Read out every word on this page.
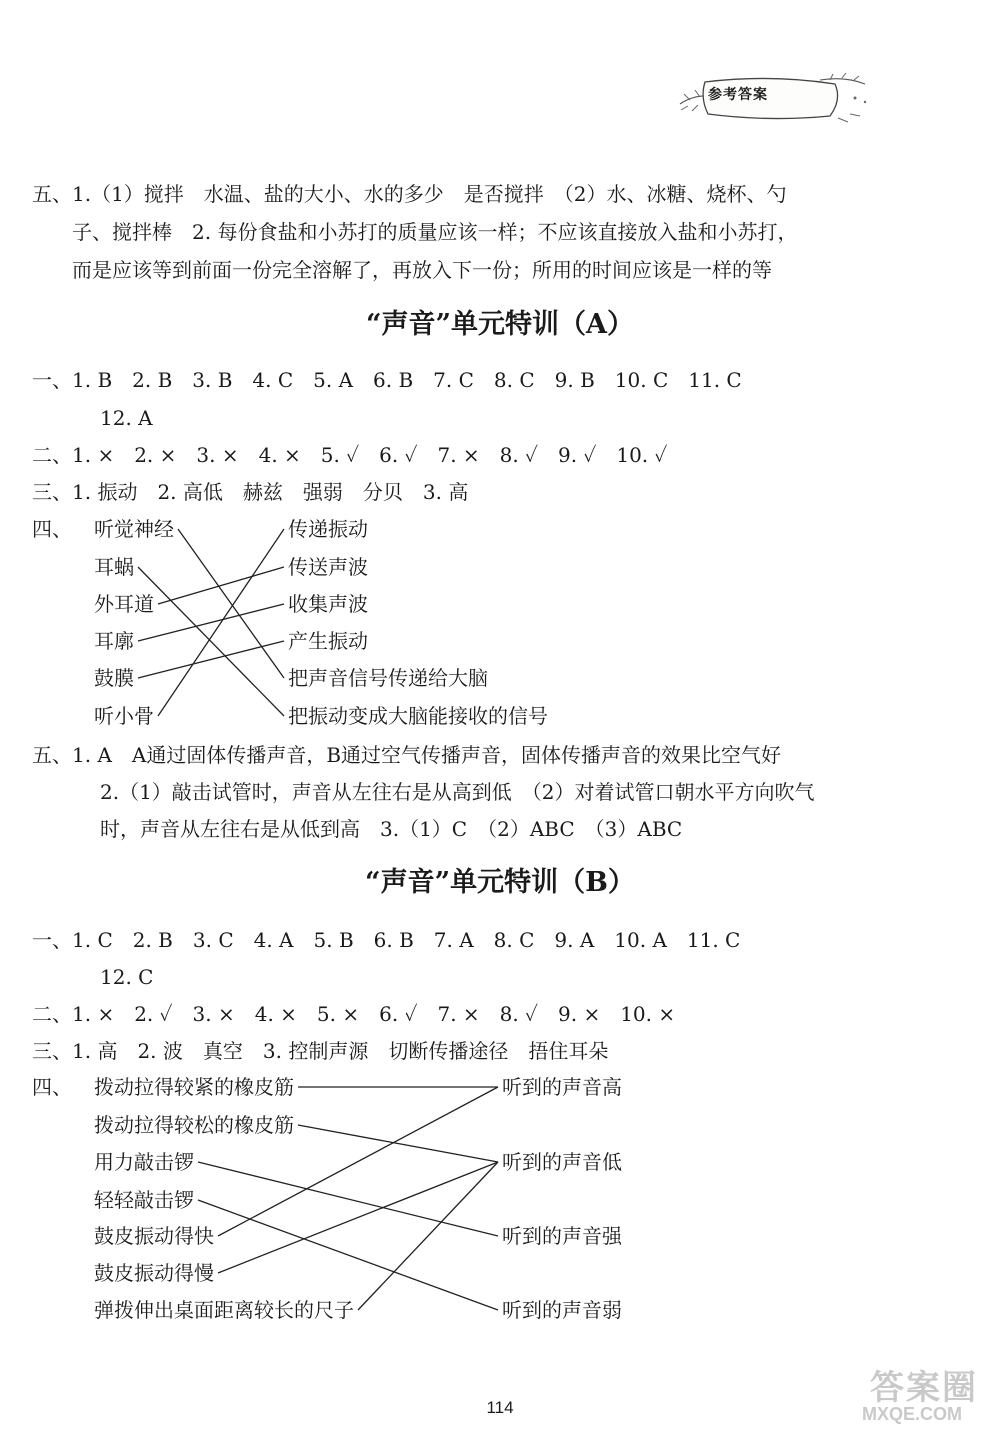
参考答案
五、1.（1）搅拌　水温、盐的大小、水的多少　是否搅拌　（2）水、冰糖、烧杯、勺
子、搅拌棒　2. 每份食盐和小苏打的质量应该一样；不应该直接放入盐和小苏打，
而是应该等到前面一份完全溶解了，再放入下一份；所用的时间应该是一样的等
“声音”单元特训（A）
一、1. B　2. B　3. B　4. C　5. A　6. B　7. C　8. C　9. B　10. C　11. C
12. A
二、1. ×　2. ×　3. ×　4. ×　5. ✓　6. ✓　7. ×　8. ✓　9. ✓　10. ✓
三、1. 振动　2. 高低　赫兹　强弱　分贝　3. 高
四、 听觉神经
耳蜗
外耳道
耳廓
鼓膜
听小骨
传递振动
传送声波
收集声波
产生振动
把声音信号传递给大脑
把振动变成大脑能接收的信号
五、1. A　A通过固体传播声音，B通过空气传播声音，固体传播声音的效果比空气好
2.（1）敲击试管时，声音从左往右是从高到低　（2）对着试管口朝水平方向吹气
时，声音从左往右是从低到高　3.（1）C　（2）ABC　（3）ABC
“声音”单元特训（B）
一、1. C　2. B　3. C　4. A　5. B　6. B　7. A　8. C　9. A　10. A　11. C
12. C
二、1. ×　2. ✓　3. ×　4. ×　5. ×　6. ✓　7. ×　8. ✓　9. ×　10. ×
三、1. 高　2. 波　真空　3. 控制声源　切断传播途径　捂住耳朵
四、 拨动拉得较紧的橡皮筋
拨动拉得较松的橡皮筋
用力敲击锣
轻轻敲击锣
鼓皮振动得快
鼓皮振动得慢
弹拨伸出桌面距离较长的尺子
听到的声音高
听到的声音低
听到的声音强
听到的声音弱
114
答案圈
MXQE.COM
